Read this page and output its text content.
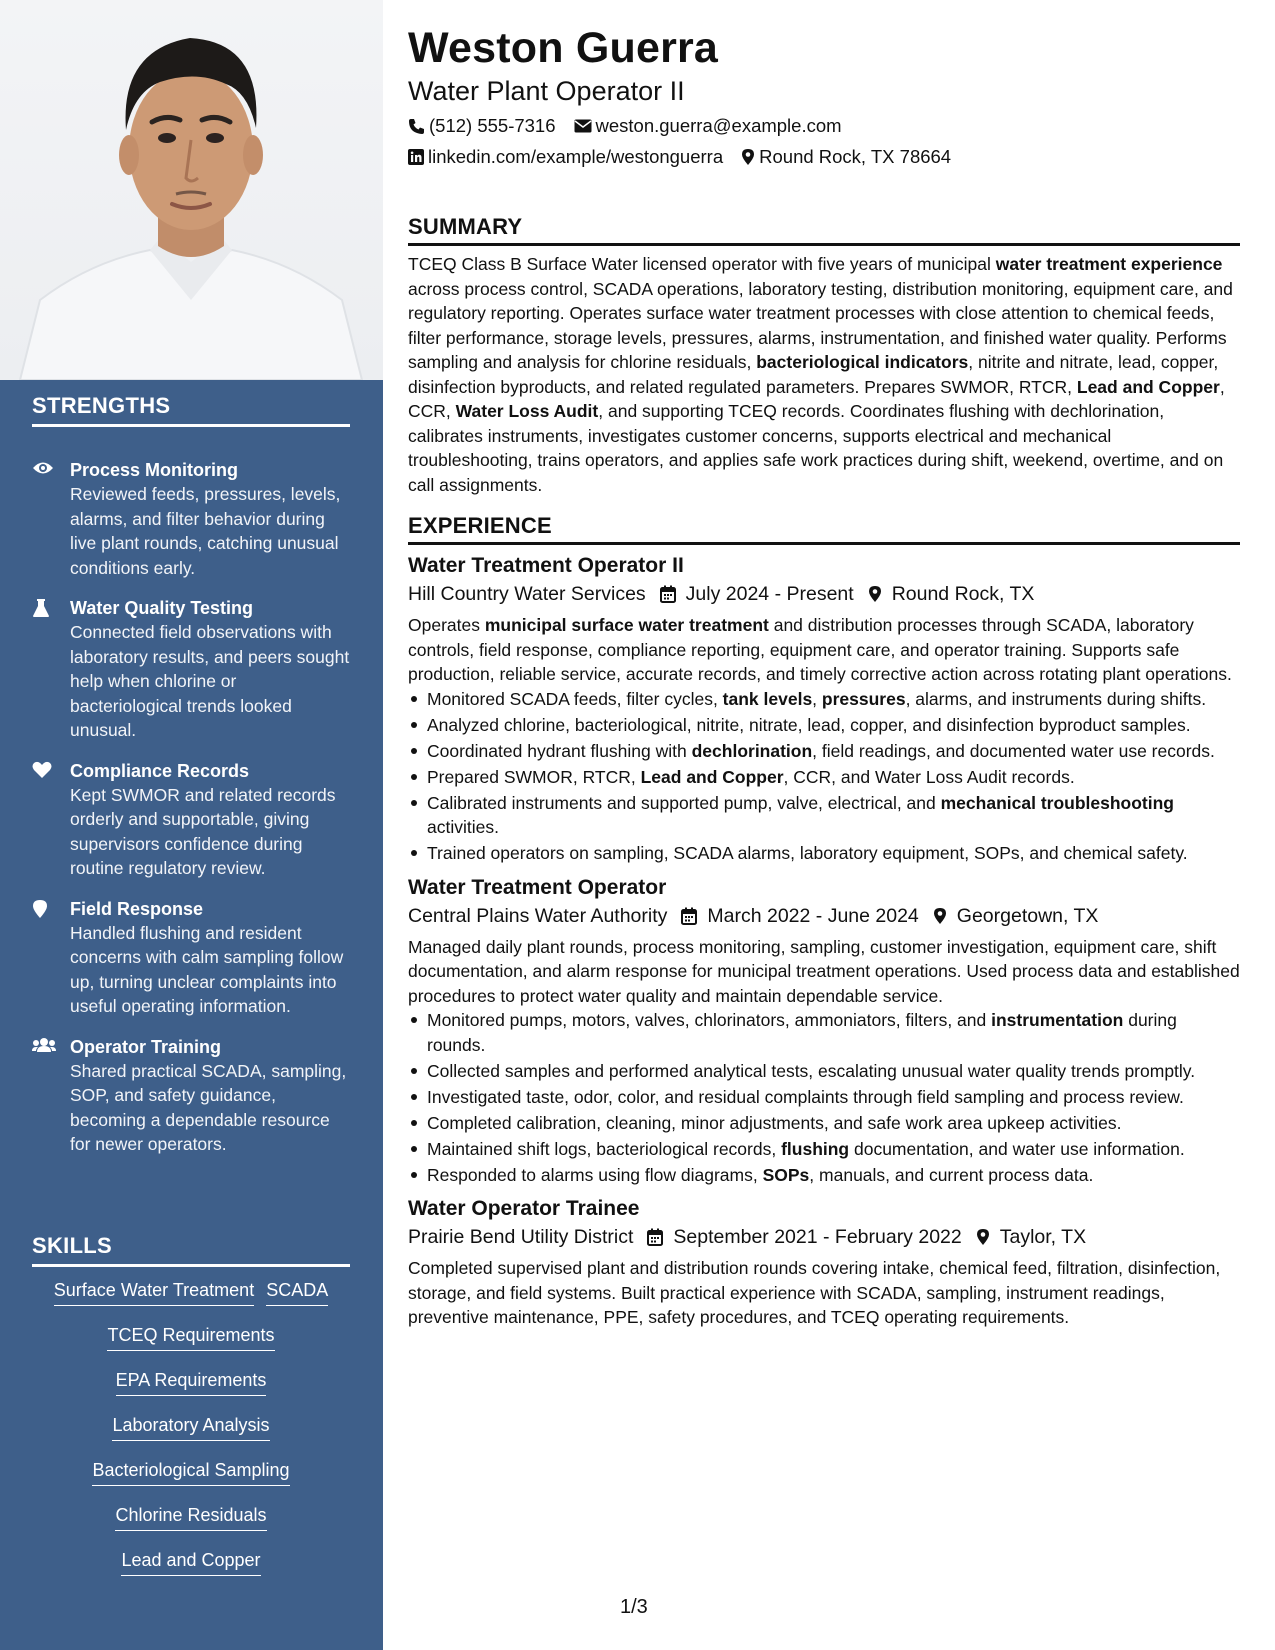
STRENGTHS
Process Monitoring
Reviewed feeds, pressures, levels, alarms, and filter behavior during live plant rounds, catching unusual conditions early.
Water Quality Testing
Connected field observations with laboratory results, and peers sought help when chlorine or bacteriological trends looked unusual.
Compliance Records
Kept SWMOR and related records orderly and supportable, giving supervisors confidence during routine regulatory review.
Field Response
Handled flushing and resident concerns with calm sampling follow up, turning unclear complaints into useful operating information.
Operator Training
Shared practical SCADA, sampling, SOP, and safety guidance, becoming a dependable resource for newer operators.
SKILLS
Surface Water Treatment SCADA
TCEQ Requirements
EPA Requirements
Laboratory Analysis
Bacteriological Sampling
Chlorine Residuals
Lead and Copper
Weston Guerra
Water Plant Operator II
(512) 555-7316 weston.guerra@example.com
linkedin.com/example/westonguerra Round Rock, TX 78664
SUMMARY
TCEQ Class B Surface Water licensed operator with five years of municipal water treatment experience across process control, SCADA operations, laboratory testing, distribution monitoring, equipment care, and regulatory reporting. Operates surface water treatment processes with close attention to chemical feeds, filter performance, storage levels, pressures, alarms, instrumentation, and finished water quality. Performs sampling and analysis for chlorine residuals, bacteriological indicators, nitrite and nitrate, lead, copper, disinfection byproducts, and related regulated parameters. Prepares SWMOR, RTCR, Lead and Copper, CCR, Water Loss Audit, and supporting TCEQ records. Coordinates flushing with dechlorination, calibrates instruments, investigates customer concerns, supports electrical and mechanical troubleshooting, trains operators, and applies safe work practices during shift, weekend, overtime, and on call assignments.
EXPERIENCE
Water Treatment Operator II
Hill Country Water Services July 2024 - Present Round Rock, TX
Operates municipal surface water treatment and distribution processes through SCADA, laboratory controls, field response, compliance reporting, equipment care, and operator training. Supports safe production, reliable service, accurate records, and timely corrective action across rotating plant operations.
Monitored SCADA feeds, filter cycles, tank levels, pressures, alarms, and instruments during shifts.
Analyzed chlorine, bacteriological, nitrite, nitrate, lead, copper, and disinfection byproduct samples.
Coordinated hydrant flushing with dechlorination, field readings, and documented water use records.
Prepared SWMOR, RTCR, Lead and Copper, CCR, and Water Loss Audit records.
Calibrated instruments and supported pump, valve, electrical, and mechanical troubleshooting activities.
Trained operators on sampling, SCADA alarms, laboratory equipment, SOPs, and chemical safety.
Water Treatment Operator
Central Plains Water Authority March 2022 - June 2024 Georgetown, TX
Managed daily plant rounds, process monitoring, sampling, customer investigation, equipment care, shift documentation, and alarm response for municipal treatment operations. Used process data and established procedures to protect water quality and maintain dependable service.
Monitored pumps, motors, valves, chlorinators, ammoniators, filters, and instrumentation during rounds.
Collected samples and performed analytical tests, escalating unusual water quality trends promptly.
Investigated taste, odor, color, and residual complaints through field sampling and process review.
Completed calibration, cleaning, minor adjustments, and safe work area upkeep activities.
Maintained shift logs, bacteriological records, flushing documentation, and water use information.
Responded to alarms using flow diagrams, SOPs, manuals, and current process data.
Water Operator Trainee
Prairie Bend Utility District September 2021 - February 2022 Taylor, TX
Completed supervised plant and distribution rounds covering intake, chemical feed, filtration, disinfection, storage, and field systems. Built practical experience with SCADA, sampling, instrument readings, preventive maintenance, PPE, safety procedures, and TCEQ operating requirements.
1/3
